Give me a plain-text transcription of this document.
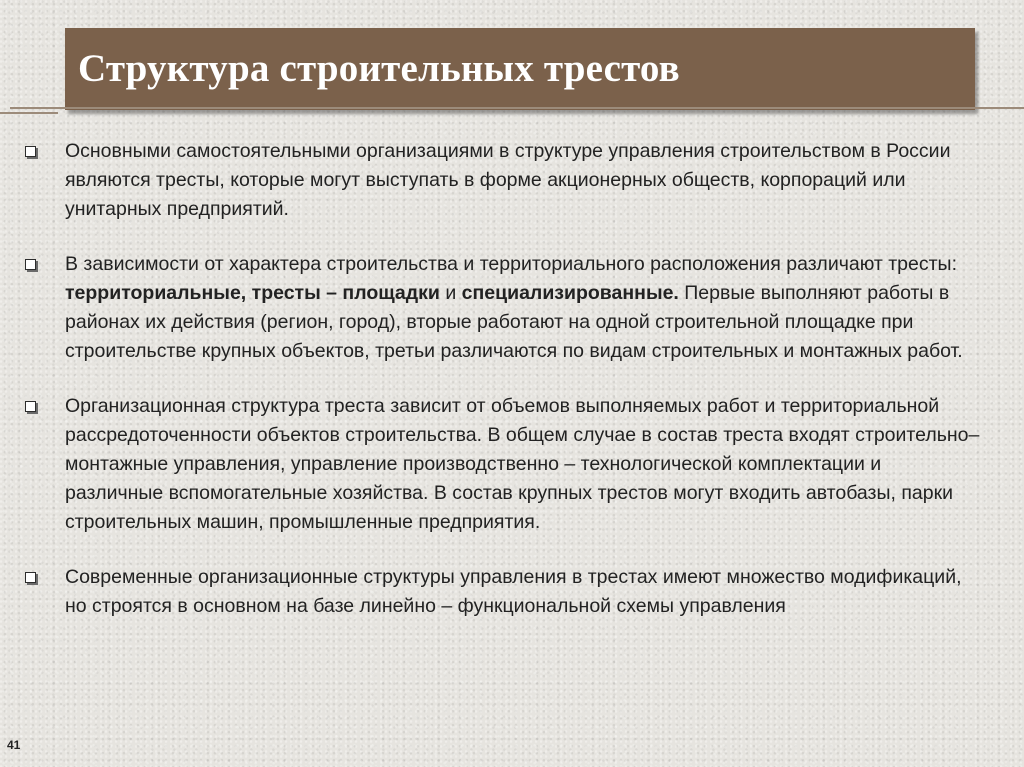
Структура строительных трестов
Основными самостоятельными организациями в структуре управления строительством в России являются тресты, которые могут выступать в форме акционерных обществ, корпораций или унитарных предприятий.
В зависимости от характера строительства и территориального расположения различают тресты: территориальные, тресты – площадки и специализированные. Первые выполняют работы в районах их действия (регион, город), вторые работают на одной строительной площадке при строительстве крупных объектов, третьи различаются по видам строительных и монтажных работ.
Организационная структура треста зависит от объемов выполняемых работ и территориальной рассредоточенности объектов строительства. В общем случае в состав треста входят строительно–монтажные управления, управление производственно – технологической комплектации и различные вспомогательные хозяйства. В состав крупных трестов могут входить автобазы, парки строительных машин, промышленные предприятия.
Современные организационные структуры управления в трестах имеют множество модификаций, но строятся в основном на базе линейно – функциональной схемы управления
41
